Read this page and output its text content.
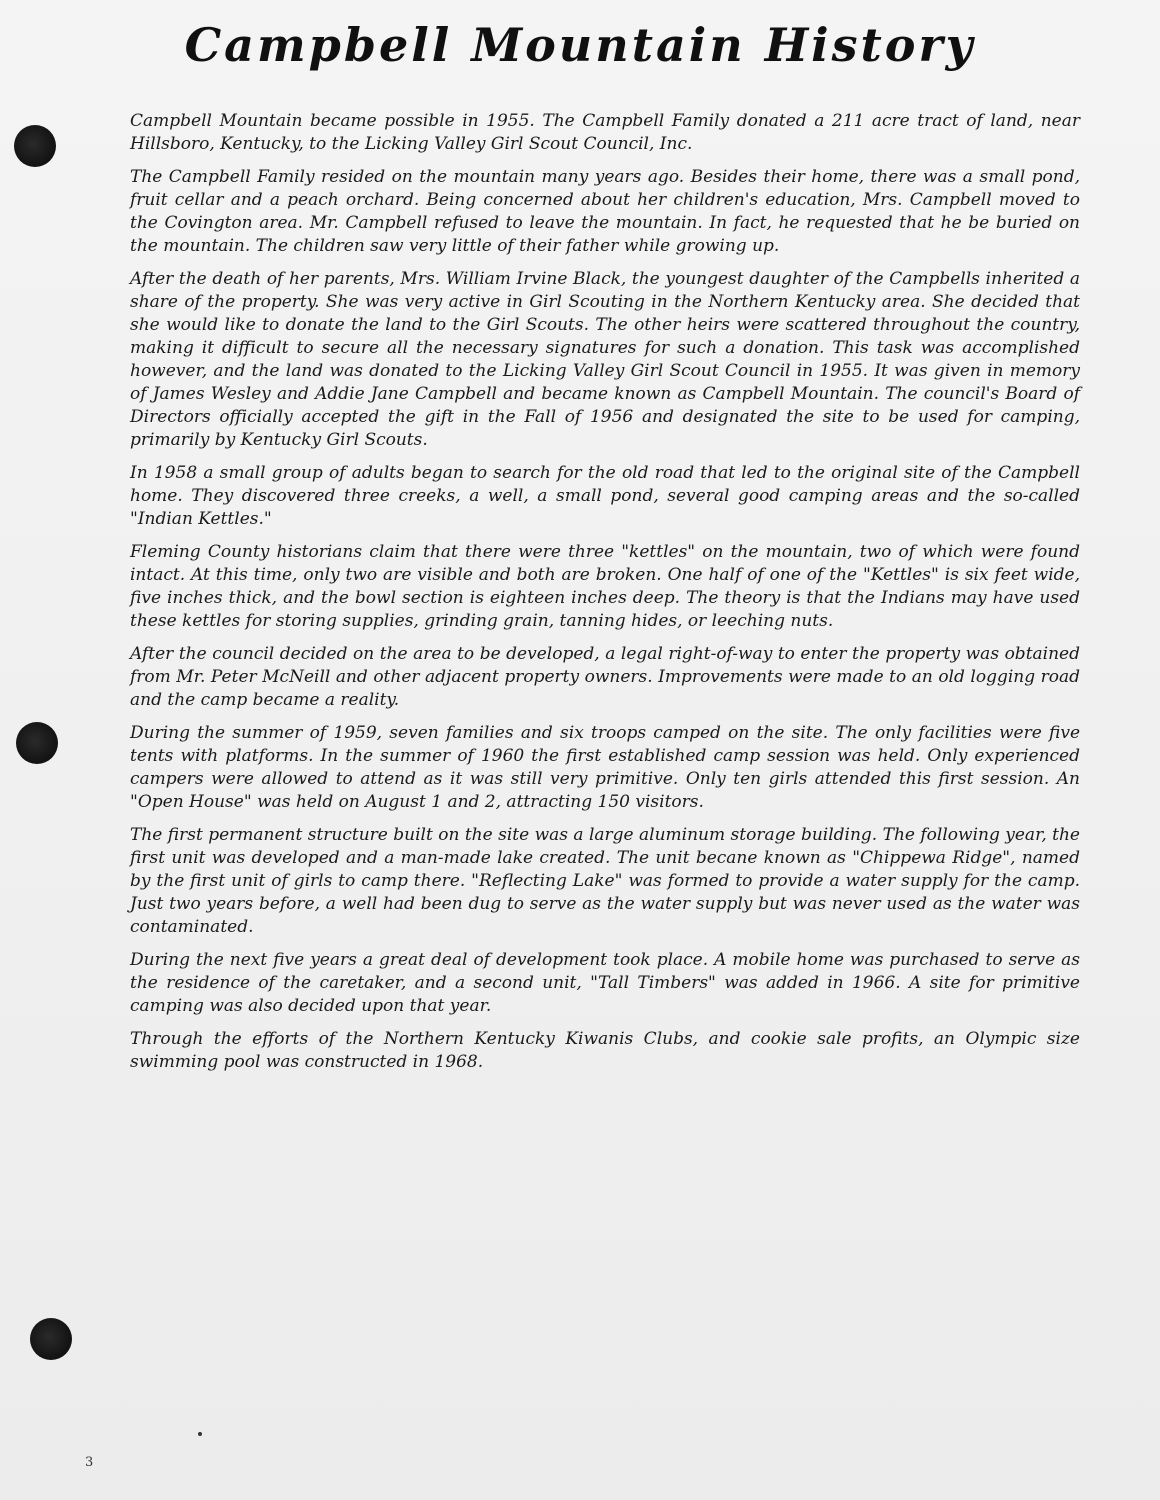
Campbell Mountain History

Campbell Mountain became possible in 1955. The Campbell Family donated a 211 acre tract of land, near Hillsboro, Kentucky, to the Licking Valley Girl Scout Council, Inc.

The Campbell Family resided on the mountain many years ago. Besides their home, there was a small pond, fruit cellar and a peach orchard. Being concerned about her children's education, Mrs. Campbell moved to the Covington area. Mr. Campbell refused to leave the mountain. In fact, he requested that he be buried on the mountain. The children saw very little of their father while growing up.

After the death of her parents, Mrs. William Irvine Black, the youngest daughter of the Campbells inherited a share of the property. She was very active in Girl Scouting in the Northern Kentucky area. She decided that she would like to donate the land to the Girl Scouts. The other heirs were scattered throughout the country, making it difficult to secure all the necessary signatures for such a donation. This task was accomplished however, and the land was donated to the Licking Valley Girl Scout Council in 1955. It was given in memory of James Wesley and Addie Jane Campbell and became known as Campbell Mountain. The council's Board of Directors officially accepted the gift in the Fall of 1956 and designated the site to be used for camping, primarily by Kentucky Girl Scouts.

In 1958 a small group of adults began to search for the old road that led to the original site of the Campbell home. They discovered three creeks, a well, a small pond, several good camping areas and the so-called "Indian Kettles."

Fleming County historians claim that there were three "kettles" on the mountain, two of which were found intact. At this time, only two are visible and both are broken. One half of one of the "Kettles" is six feet wide, five inches thick, and the bowl section is eighteen inches deep. The theory is that the Indians may have used these kettles for storing supplies, grinding grain, tanning hides, or leeching nuts.

After the council decided on the area to be developed, a legal right-of-way to enter the property was obtained from Mr. Peter McNeill and other adjacent property owners. Improvements were made to an old logging road and the camp became a reality.

During the summer of 1959, seven families and six troops camped on the site. The only facilities were five tents with platforms. In the summer of 1960 the first established camp session was held. Only experienced campers were allowed to attend as it was still very primitive. Only ten girls attended this first session. An "Open House" was held on August 1 and 2, attracting 150 visitors.

The first permanent structure built on the site was a large aluminum storage building. The following year, the first unit was developed and a man-made lake created. The unit becane known as "Chippewa Ridge", named by the first unit of girls to camp there. "Reflecting Lake" was formed to provide a water supply for the camp. Just two years before, a well had been dug to serve as the water supply but was never used as the water was contaminated.

During the next five years a great deal of development took place. A mobile home was purchased to serve as the residence of the caretaker, and a second unit, "Tall Timbers" was added in 1966. A site for primitive camping was also decided upon that year.

Through the efforts of the Northern Kentucky Kiwanis Clubs, and cookie sale profits, an Olympic size swimming pool was constructed in 1968.

3
